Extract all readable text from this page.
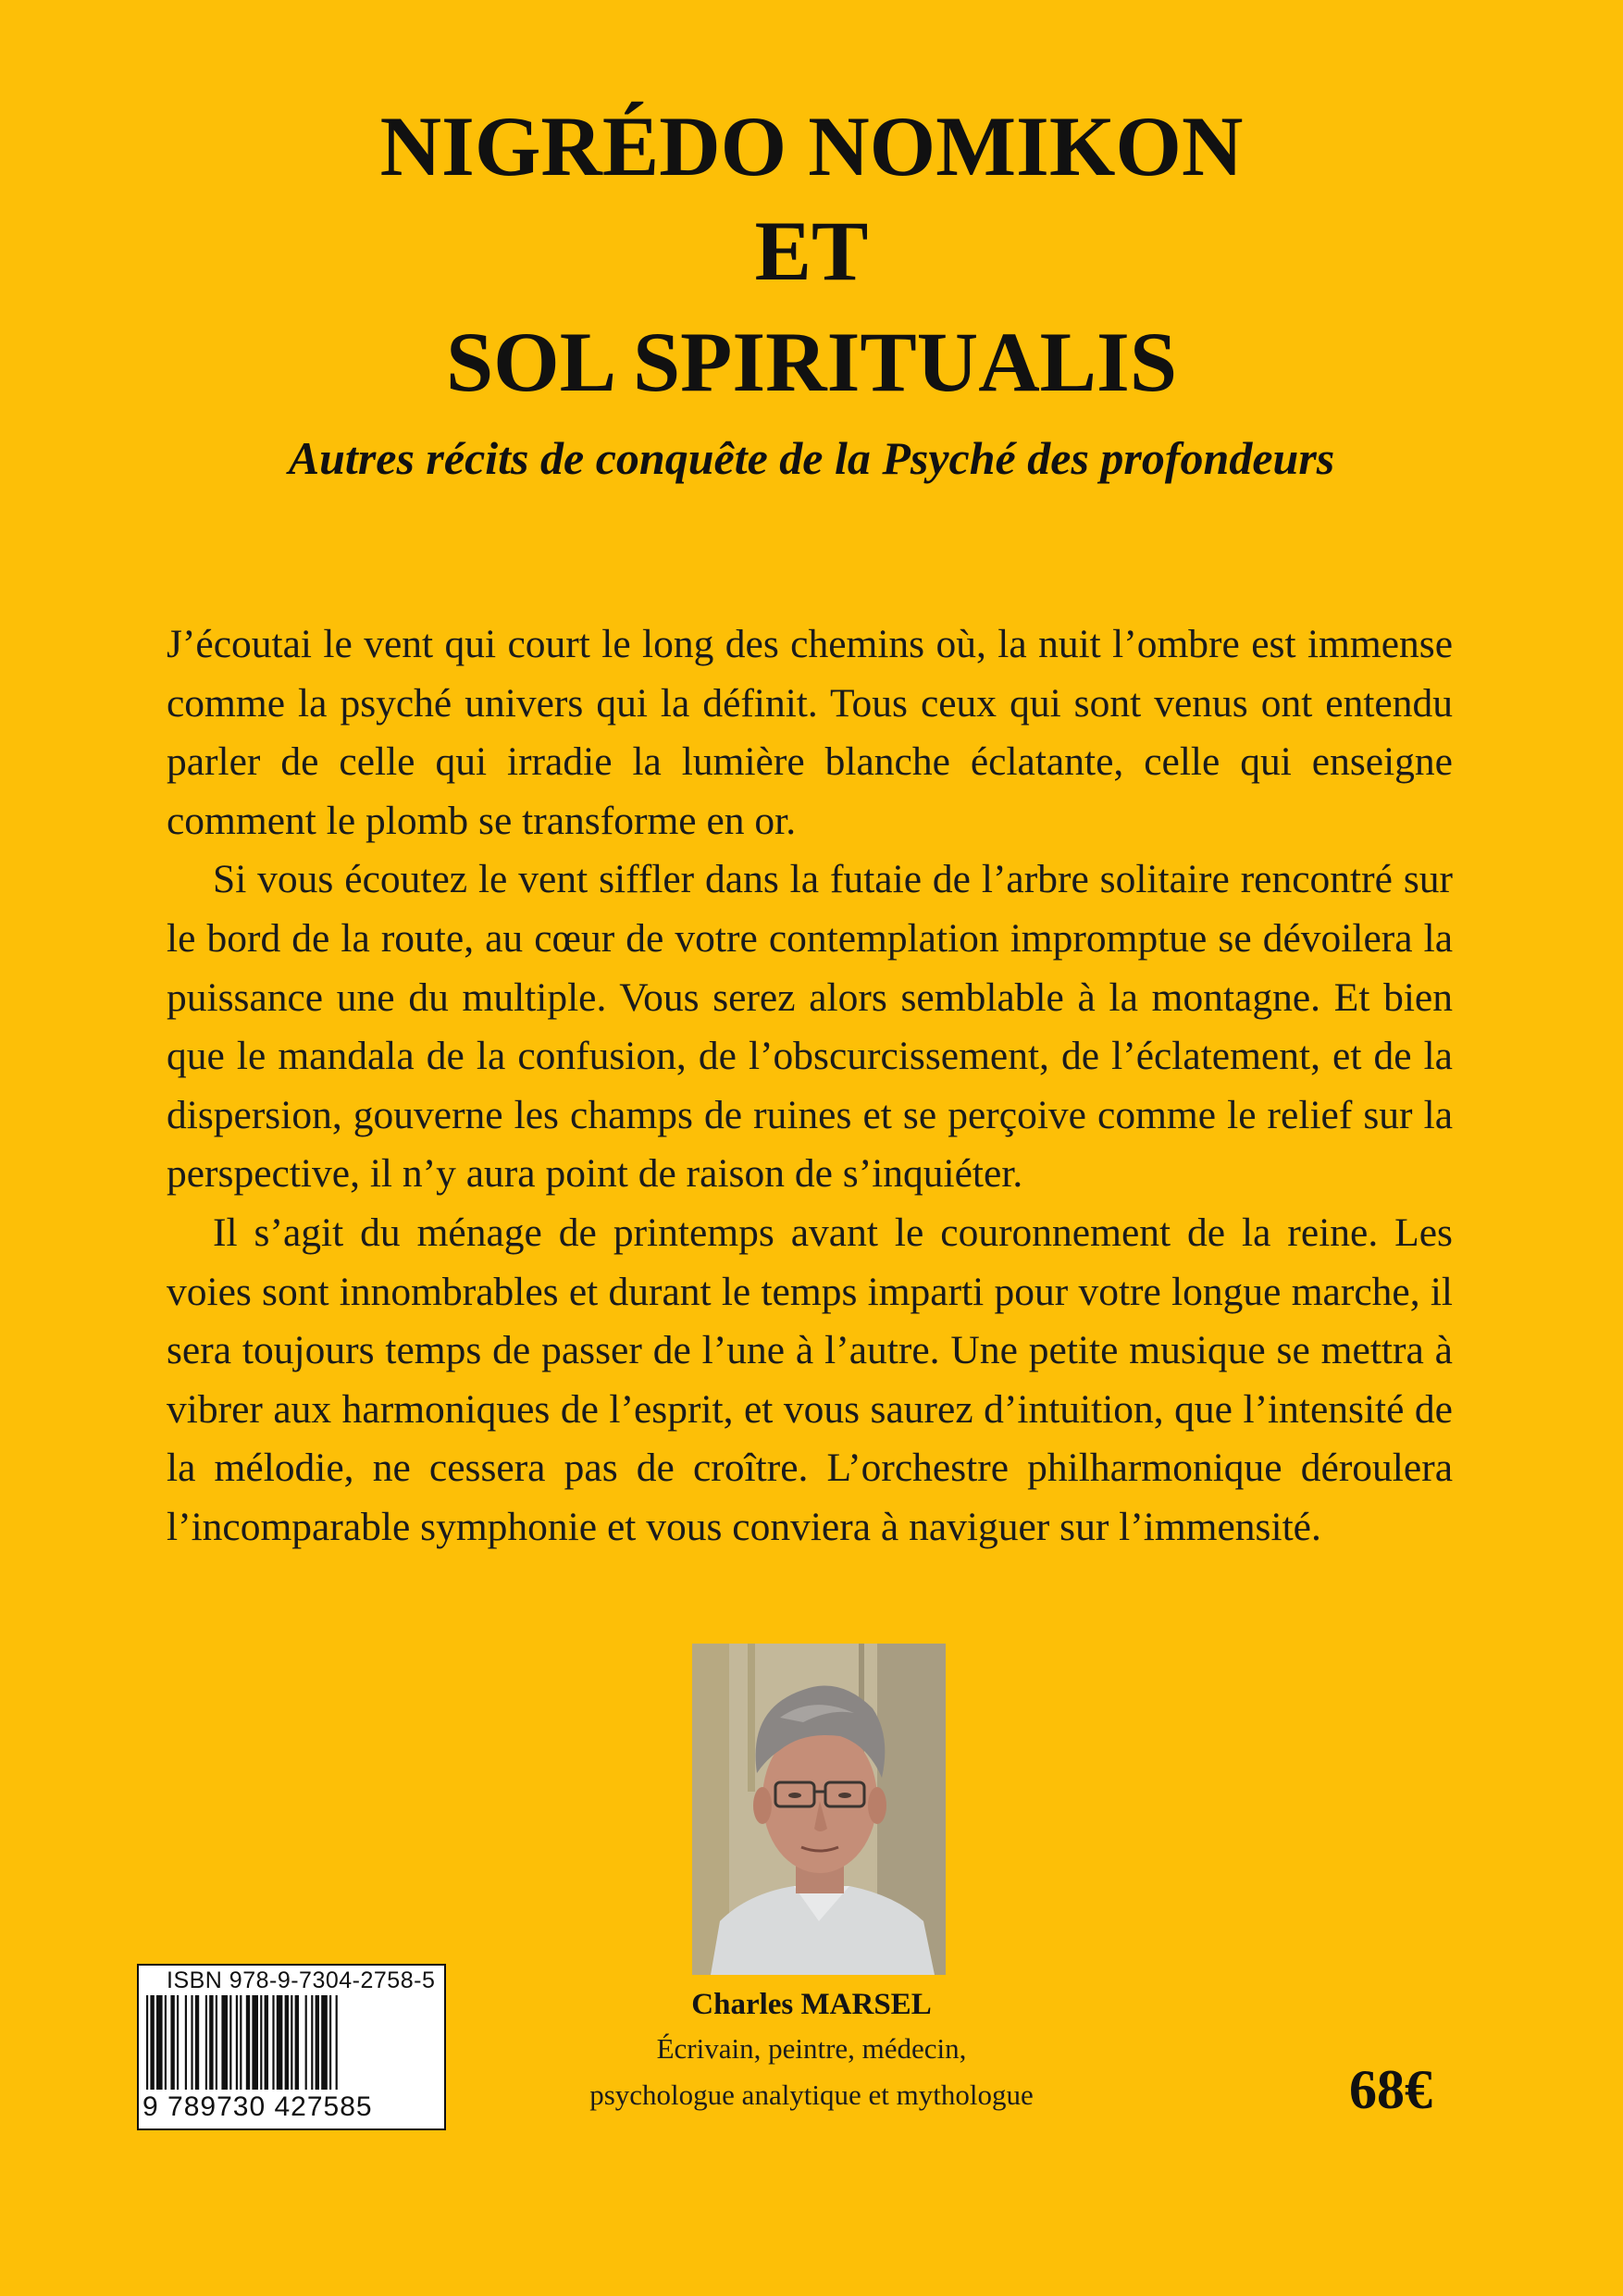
NIGRÉDO NOMIKON
ET
SOL SPIRITUALIS
Autres récits de conquête de la Psyché des profondeurs

J’écoutai le vent qui court le long des chemins où, la nuit l’ombre est immense comme la psyché univers qui la définit. Tous ceux qui sont venus ont entendu parler de celle qui irradie la lumière blanche éclatante, celle qui enseigne comment le plomb se transforme en or.

Si vous écoutez le vent siffler dans la futaie de l’arbre solitaire rencontré sur le bord de la route, au cœur de votre contemplation impromptue se dévoilera la puissance une du multiple. Vous serez alors semblable à la montagne. Et bien que le mandala de la confusion, de l’obscurcissement, de l’éclatement, et de la dispersion, gouverne les champs de ruines et se perçoive comme le relief sur la perspective, il n’y aura point de raison de s’inquiéter.

Il s’agit du ménage de printemps avant le couronnement de la reine. Les voies sont innombrables et durant le temps imparti pour votre longue marche, il sera toujours temps de passer de l’une à l’autre. Une petite musique se mettra à vibrer aux harmoniques de l’esprit, et vous saurez d’intuition, que l’intensité de la mélodie, ne cessera pas de croître. L’orchestre philharmonique déroulera l’incomparable symphonie et vous conviera à naviguer sur l’immensité.

ISBN 978-9-7304-2758-5
9 789730 427585
Charles MARSEL
Écrivain, peintre, médecin,
psychologue analytique et mythologue	68€
